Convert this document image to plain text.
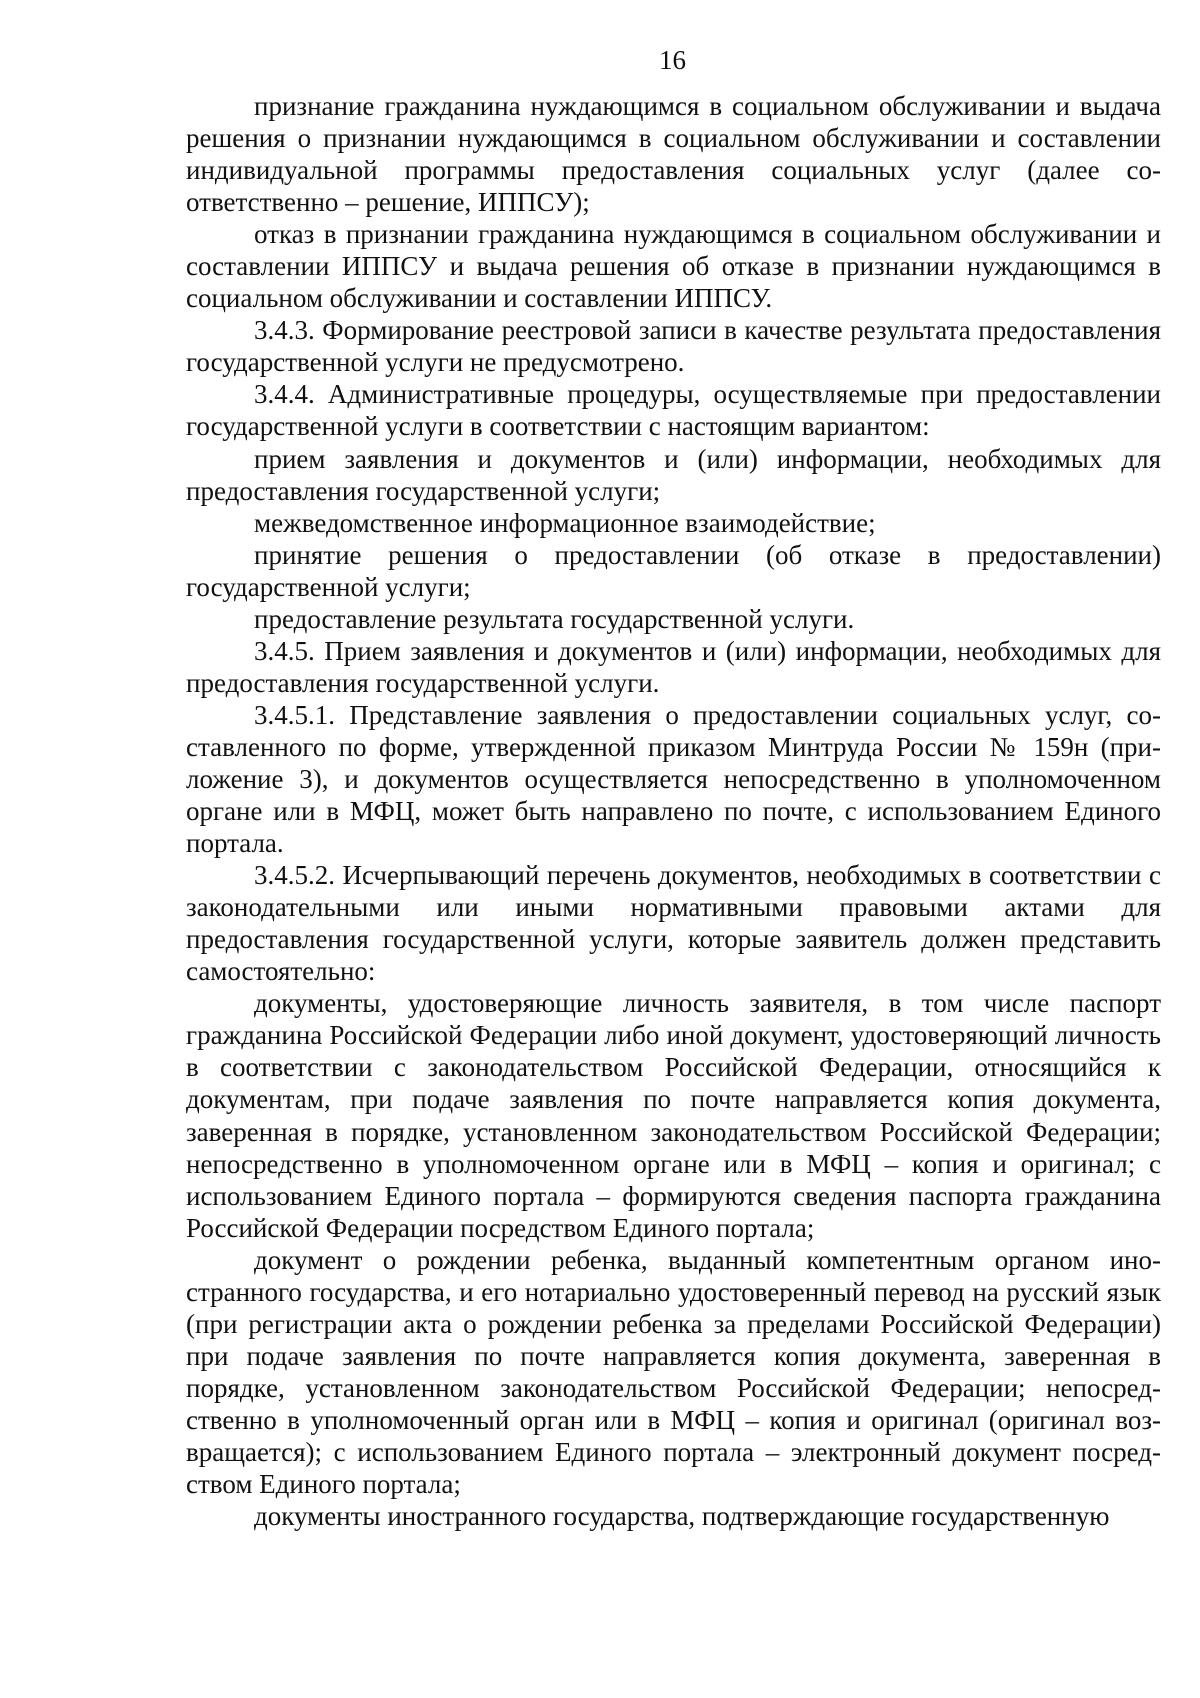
16

признание гражданина нуждающимся в социальном обслуживании и выдача решения о признании нуждающимся в социальном обслуживании и составлении индивидуальной программы предоставления социальных услуг (далее соответственно – решение, ИППСУ);

отказ в признании гражданина нуждающимся в социальном обслуживании и составлении ИППСУ и выдача решения об отказе в признании нуждающимся в социальном обслуживании и составлении ИППСУ.

3.4.3. Формирование реестровой записи в качестве результата предоставления государственной услуги не предусмотрено.

3.4.4. Административные процедуры, осуществляемые при предоставлении государственной услуги в соответствии с настоящим вариантом:

прием заявления и документов и (или) информации, необходимых для предоставления государственной услуги;

межведомственное информационное взаимодействие;

принятие решения о предоставлении (об отказе в предоставлении) государственной услуги;

предоставление результата государственной услуги.

3.4.5. Прием заявления и документов и (или) информации, необходимых для предоставления государственной услуги.

3.4.5.1. Представление заявления о предоставлении социальных услуг, составленного по форме, утвержденной приказом Минтруда России № 159н (приложение 3), и документов осуществляется непосредственно в уполномоченном органе или в МФЦ, может быть направлено по почте, с использованием Единого портала.

3.4.5.2. Исчерпывающий перечень документов, необходимых в соответствии с законодательными или иными нормативными правовыми актами для предоставления государственной услуги, которые заявитель должен представить самостоятельно:

документы, удостоверяющие личность заявителя, в том числе паспорт гражданина Российской Федерации либо иной документ, удостоверяющий личность в соответствии с законодательством Российской Федерации, относящийся к документам, при подаче заявления по почте направляется копия документа, заверенная в порядке, установленном законодательством Российской Федерации; непосредственно в уполномоченном органе или в МФЦ – копия и оригинал; с использованием Единого портала – формируются сведения паспорта гражданина Российской Федерации посредством Единого портала;

документ о рождении ребенка, выданный компетентным органом иностранного государства, и его нотариально удостоверенный перевод на русский язык (при регистрации акта о рождении ребенка за пределами Российской Федерации) при подаче заявления по почте направляется копия документа, заверенная в порядке, установленном законодательством Российской Федерации; непосредственно в уполномоченный орган или в МФЦ – копия и оригинал (оригинал возвращается); с использованием Единого портала – электронный документ посредством Единого портала;

документы иностранного государства, подтверждающие государственную
